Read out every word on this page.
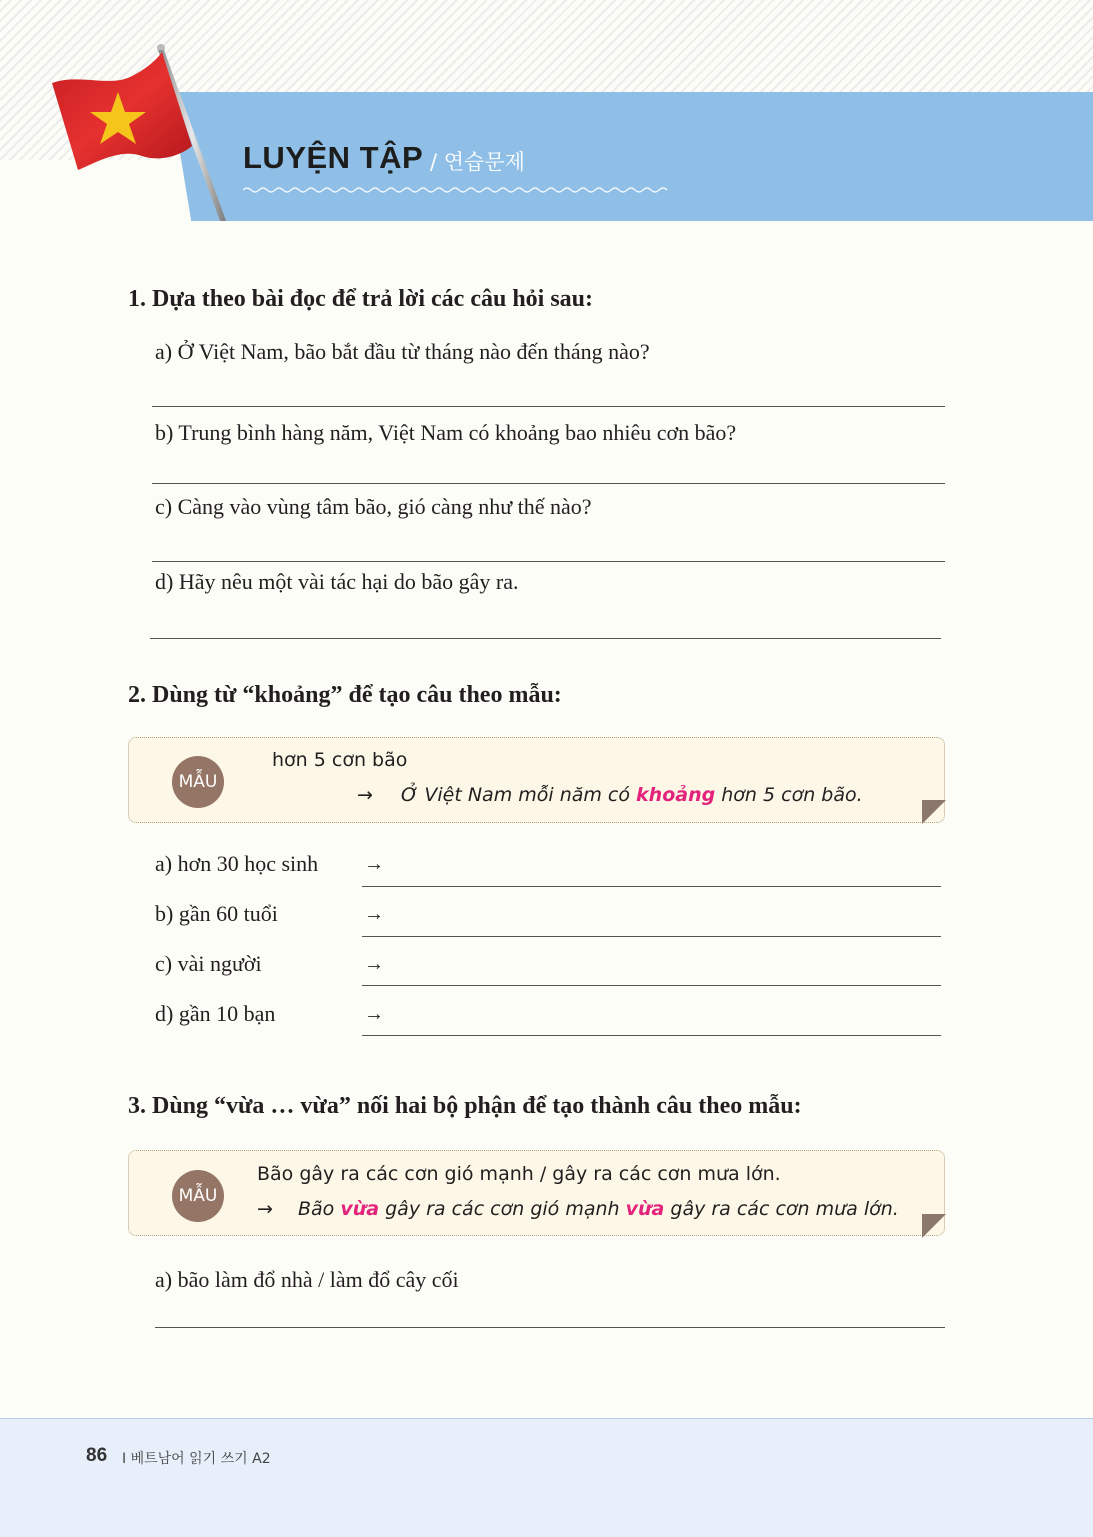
LUYỆN TẬP / 연습문제
1. Dựa theo bài đọc để trả lời các câu hỏi sau:
a) Ở Việt Nam, bão bắt đầu từ tháng nào đến tháng nào?
b) Trung bình hàng năm, Việt Nam có khoảng bao nhiêu cơn bão?
c) Càng vào vùng tâm bão, gió càng như thế nào?
d) Hãy nêu một vài tác hại do bão gây ra.
2. Dùng từ “khoảng” để tạo câu theo mẫu:
MẪU
hơn 5 cơn bão
→ Ở Việt Nam mỗi năm có khoảng hơn 5 cơn bão.
a) hơn 30 học sinh →
b) gần 60 tuổi	→
c) vài người	→
d) gần 10 bạn	→
3. Dùng “vừa … vừa” nối hai bộ phận để tạo thành câu theo mẫu:
MẪU
Bão gây ra các cơn gió mạnh / gây ra các cơn mưa lớn.
→ Bão vừa gây ra các cơn gió mạnh vừa gây ra các cơn mưa lớn.
a) bão làm đổ nhà / làm đổ cây cối
86 I 베트남어 읽기 쓰기 A2
